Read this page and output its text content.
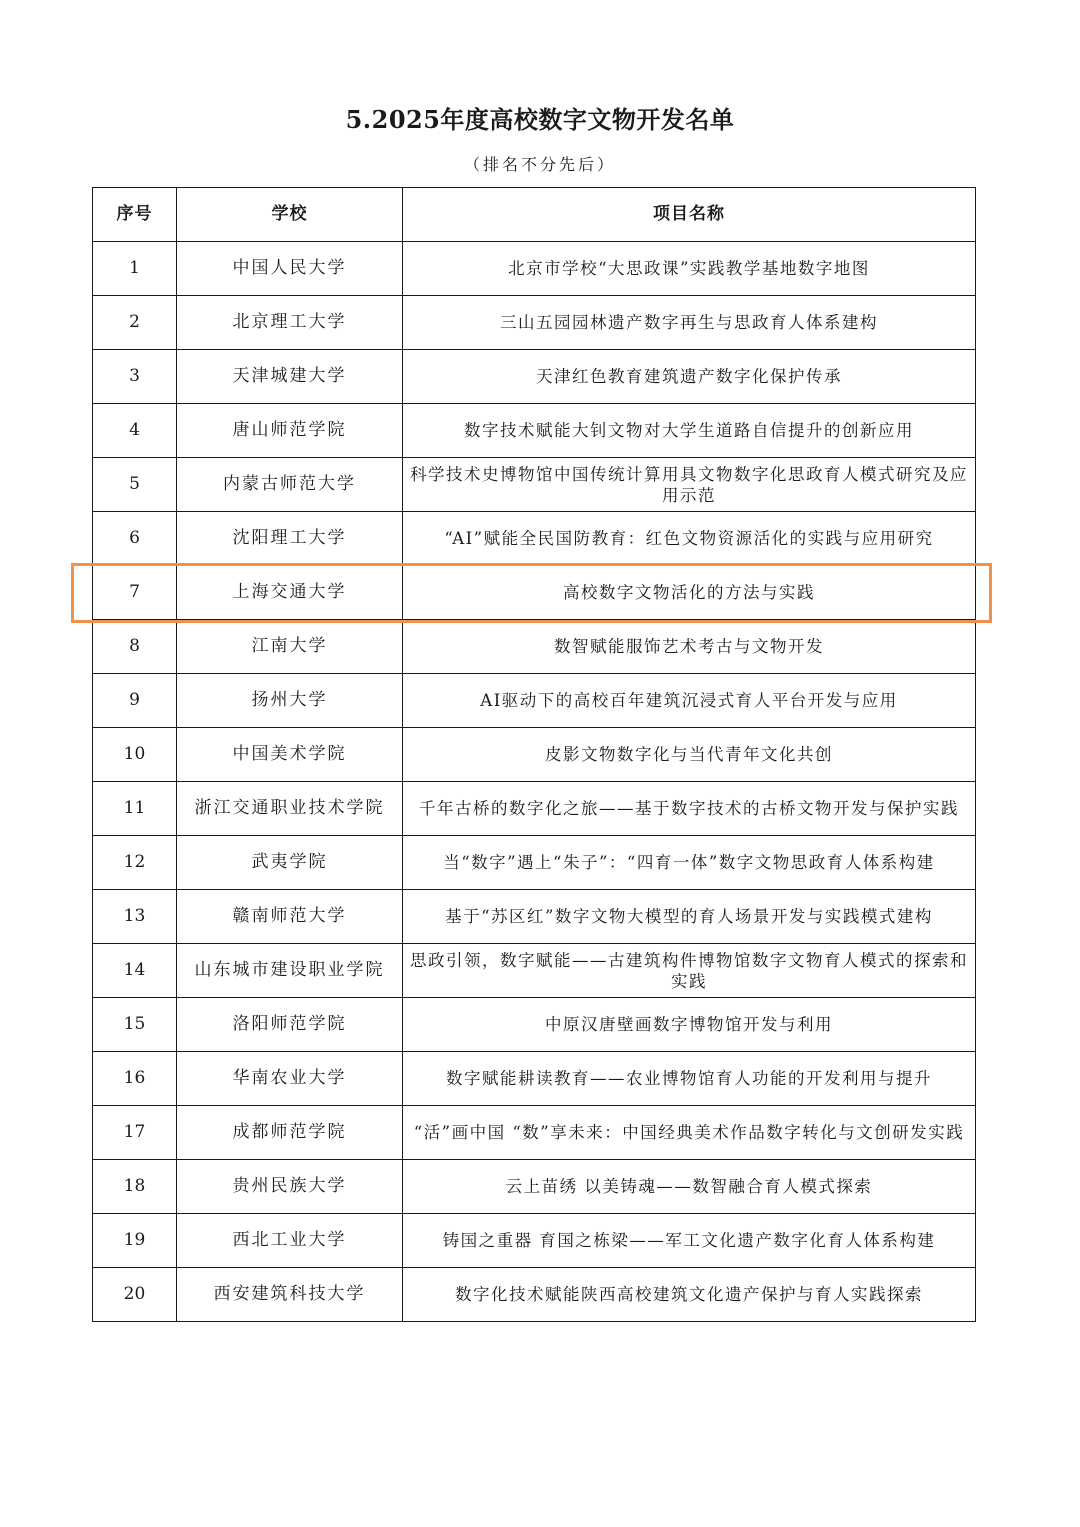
5.2025年度高校数字文物开发名单
（排名不分先后）
序号	学校	项目名称
1	中国人民大学	北京市学校“大思政课”实践教学基地数字地图
2	北京理工大学	三山五园园林遗产数字再生与思政育人体系建构
3	天津城建大学	天津红色教育建筑遗产数字化保护传承
4	唐山师范学院	数字技术赋能大钊文物对大学生道路自信提升的创新应用
5	内蒙古师范大学	科学技术史博物馆中国传统计算用具文物数字化思政育人模式研究及应用示范
6	沈阳理工大学	“AI”赋能全民国防教育：红色文物资源活化的实践与应用研究
7	上海交通大学	高校数字文物活化的方法与实践
8	江南大学	数智赋能服饰艺术考古与文物开发
9	扬州大学	AI驱动下的高校百年建筑沉浸式育人平台开发与应用
10	中国美术学院	皮影文物数字化与当代青年文化共创
11	浙江交通职业技术学院	千年古桥的数字化之旅——基于数字技术的古桥文物开发与保护实践
12	武夷学院	当“数字”遇上“朱子”：“四育一体”数字文物思政育人体系构建
13	赣南师范大学	基于“苏区红”数字文物大模型的育人场景开发与实践模式建构
14	山东城市建设职业学院	思政引领，数字赋能——古建筑构件博物馆数字文物育人模式的探索和实践
15	洛阳师范学院	中原汉唐壁画数字博物馆开发与利用
16	华南农业大学	数字赋能耕读教育——农业博物馆育人功能的开发利用与提升
17	成都师范学院	“活”画中国 “数”享未来：中国经典美术作品数字转化与文创研发实践
18	贵州民族大学	云上苗绣 以美铸魂——数智融合育人模式探索
19	西北工业大学	铸国之重器 育国之栋梁——军工文化遗产数字化育人体系构建
20	西安建筑科技大学	数字化技术赋能陕西高校建筑文化遗产保护与育人实践探索
